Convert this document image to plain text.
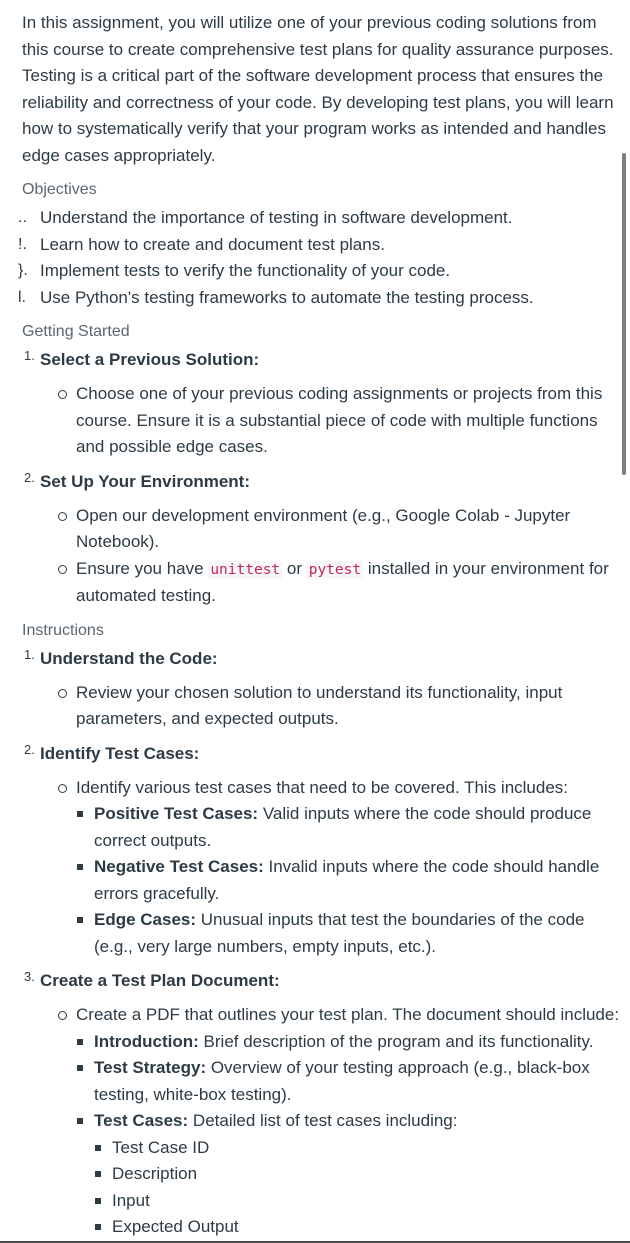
In this assignment, you will utilize one of your previous coding solutions from this course to create comprehensive test plans for quality assurance purposes. Testing is a critical part of the software development process that ensures the reliability and correctness of your code. By developing test plans, you will learn how to systematically verify that your program works as intended and handles edge cases appropriately.

Objectives
.. Understand the importance of testing in software development.
!. Learn how to create and document test plans.
}. Implement tests to verify the functionality of your code.
l. Use Python's testing frameworks to automate the testing process.
Getting Started
1. Select a Previous Solution:
Choose one of your previous coding assignments or projects from this course. Ensure it is a substantial piece of code with multiple functions and possible edge cases.
2. Set Up Your Environment:
Open our development environment (e.g., Google Colab - Jupyter Notebook).
Ensure you have unittest or pytest installed in your environment for automated testing.
Instructions
1. Understand the Code:
Review your chosen solution to understand its functionality, input parameters, and expected outputs.
2. Identify Test Cases:
Identify various test cases that need to be covered. This includes:
Positive Test Cases: Valid inputs where the code should produce correct outputs.
Negative Test Cases: Invalid inputs where the code should handle errors gracefully.
Edge Cases: Unusual inputs that test the boundaries of the code (e.g., very large numbers, empty inputs, etc.).
3. Create a Test Plan Document:
Create a PDF that outlines your test plan. The document should include:
Introduction: Brief description of the program and its functionality.
Test Strategy: Overview of your testing approach (e.g., black-box testing, white-box testing).
Test Cases: Detailed list of test cases including:
Test Case ID
Description
Input
Expected Output
